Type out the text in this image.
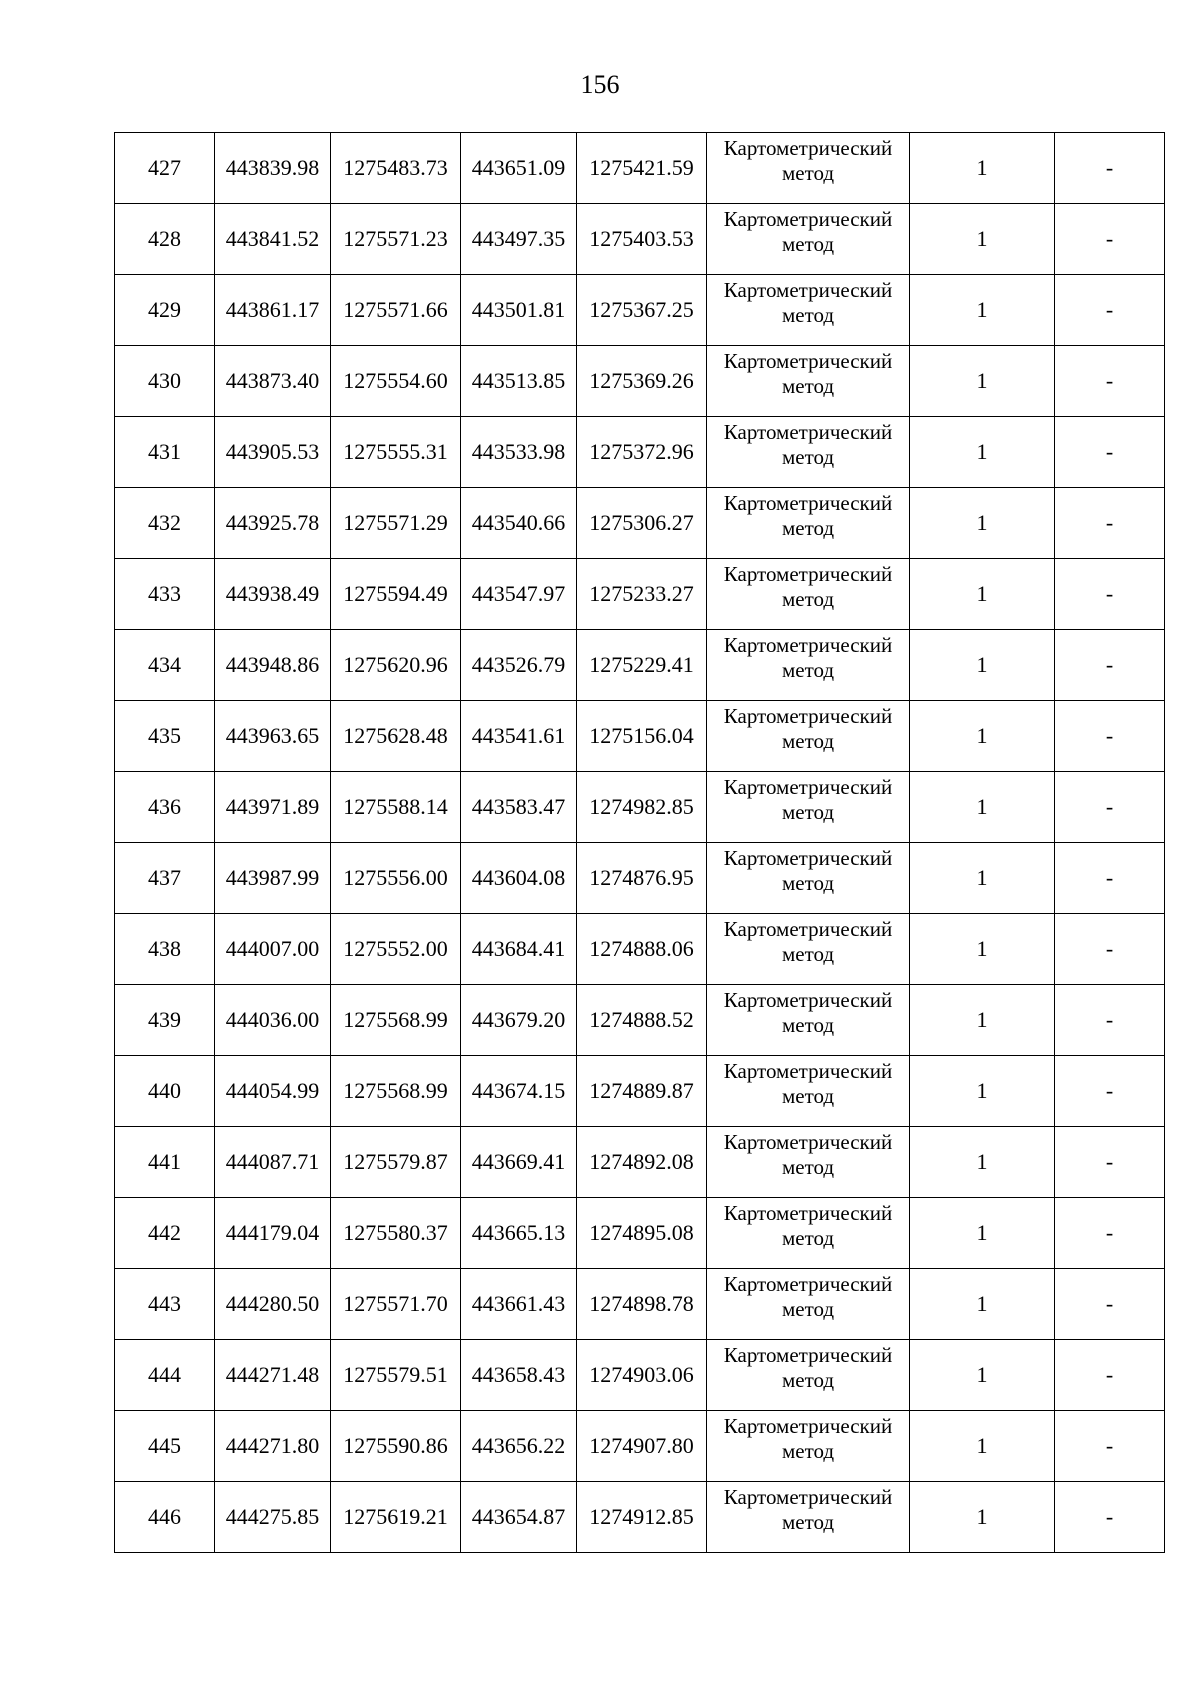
156
427	443839.98	1275483.73	443651.09	1275421.59	Картометрический метод	1	-
428	443841.52	1275571.23	443497.35	1275403.53	Картометрический метод	1	-
429	443861.17	1275571.66	443501.81	1275367.25	Картометрический метод	1	-
430	443873.40	1275554.60	443513.85	1275369.26	Картометрический метод	1	-
431	443905.53	1275555.31	443533.98	1275372.96	Картометрический метод	1	-
432	443925.78	1275571.29	443540.66	1275306.27	Картометрический метод	1	-
433	443938.49	1275594.49	443547.97	1275233.27	Картометрический метод	1	-
434	443948.86	1275620.96	443526.79	1275229.41	Картометрический метод	1	-
435	443963.65	1275628.48	443541.61	1275156.04	Картометрический метод	1	-
436	443971.89	1275588.14	443583.47	1274982.85	Картометрический метод	1	-
437	443987.99	1275556.00	443604.08	1274876.95	Картометрический метод	1	-
438	444007.00	1275552.00	443684.41	1274888.06	Картометрический метод	1	-
439	444036.00	1275568.99	443679.20	1274888.52	Картометрический метод	1	-
440	444054.99	1275568.99	443674.15	1274889.87	Картометрический метод	1	-
441	444087.71	1275579.87	443669.41	1274892.08	Картометрический метод	1	-
442	444179.04	1275580.37	443665.13	1274895.08	Картометрический метод	1	-
443	444280.50	1275571.70	443661.43	1274898.78	Картометрический метод	1	-
444	444271.48	1275579.51	443658.43	1274903.06	Картометрический метод	1	-
445	444271.80	1275590.86	443656.22	1274907.80	Картометрический метод	1	-
446	444275.85	1275619.21	443654.87	1274912.85	Картометрический метод	1	-
